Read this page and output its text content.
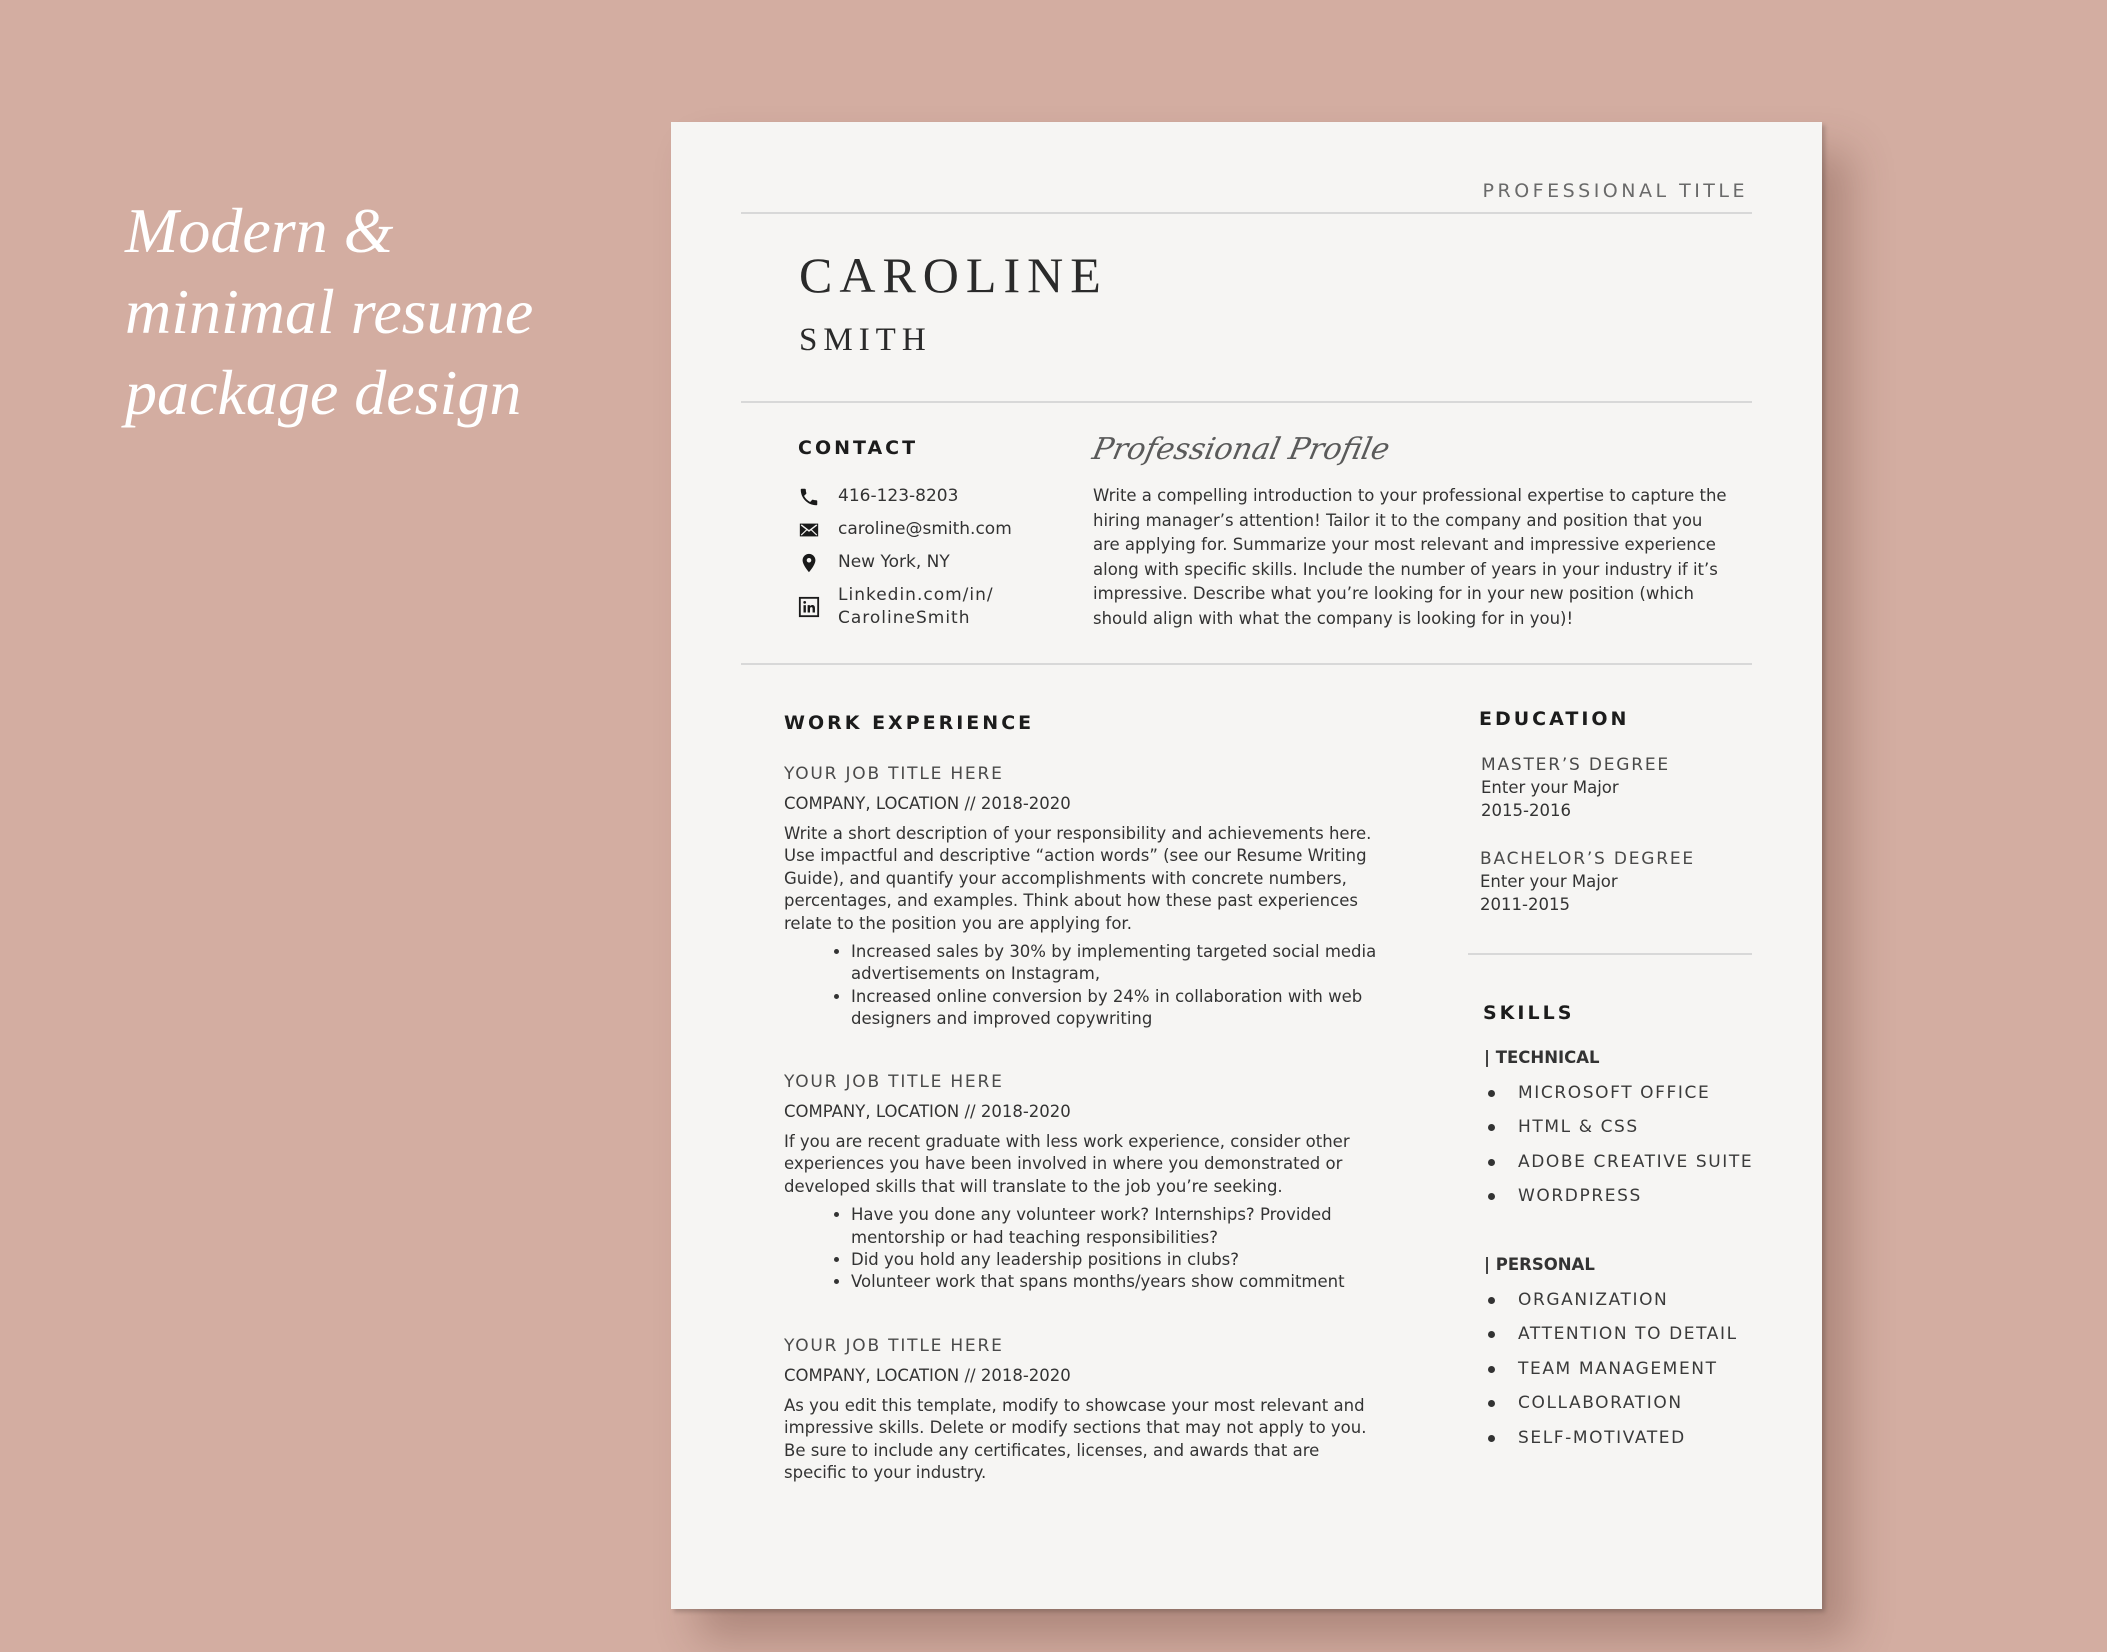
Modern &
minimal resume
package design
PROFESSIONAL TITLE
CAROLINE
SMITH
CONTACT
416-123-8203
caroline@smith.com
New York, NY
Linkedin.com/in/
CarolineSmith
Professional Profile

Write a compelling introduction to your professional expertise to capture the hiring manager’s attention! Tailor it to the company and position that you are applying for. Summarize your most relevant and impressive experience along with specific skills. Include the number of years in your industry if it’s impressive. Describe what you’re looking for in your new position (which should align with what the company is looking for in you)!

WORK EXPERIENCE

YOUR JOB TITLE HERE

COMPANY, LOCATION // 2018-2020

Write a short description of your responsibility and achievements here. Use impactful and descriptive “action words” (see our Resume Writing Guide), and quantify your accomplishments with concrete numbers, percentages, and examples. Think about how these past experiences relate to the position you are applying for.

• Increased sales by 30% by implementing targeted social media advertisements on Instagram,
• Increased online conversion by 24% in collaboration with web designers and improved copywriting

YOUR JOB TITLE HERE

COMPANY, LOCATION // 2018-2020

If you are recent graduate with less work experience, consider other experiences you have been involved in where you demonstrated or developed skills that will translate to the job you’re seeking.

• Have you done any volunteer work? Internships? Provided mentorship or had teaching responsibilities?
• Did you hold any leadership positions in clubs?
• Volunteer work that spans months/years show commitment

YOUR JOB TITLE HERE

COMPANY, LOCATION // 2018-2020

As you edit this template, modify to showcase your most relevant and impressive skills. Delete or modify sections that may not apply to you. Be sure to include any certificates, licenses, and awards that are specific to your industry.

EDUCATION

MASTER’S DEGREE

Enter your Major

2015-2016

BACHELOR’S DEGREE

Enter your Major

2011-2015

SKILLS
| TECHNICAL
MICROSOFT OFFICE
HTML & CSS
ADOBE CREATIVE SUITE
WORDPRESS
| PERSONAL
ORGANIZATION
ATTENTION TO DETAIL
TEAM MANAGEMENT
COLLABORATION
SELF-MOTIVATED
